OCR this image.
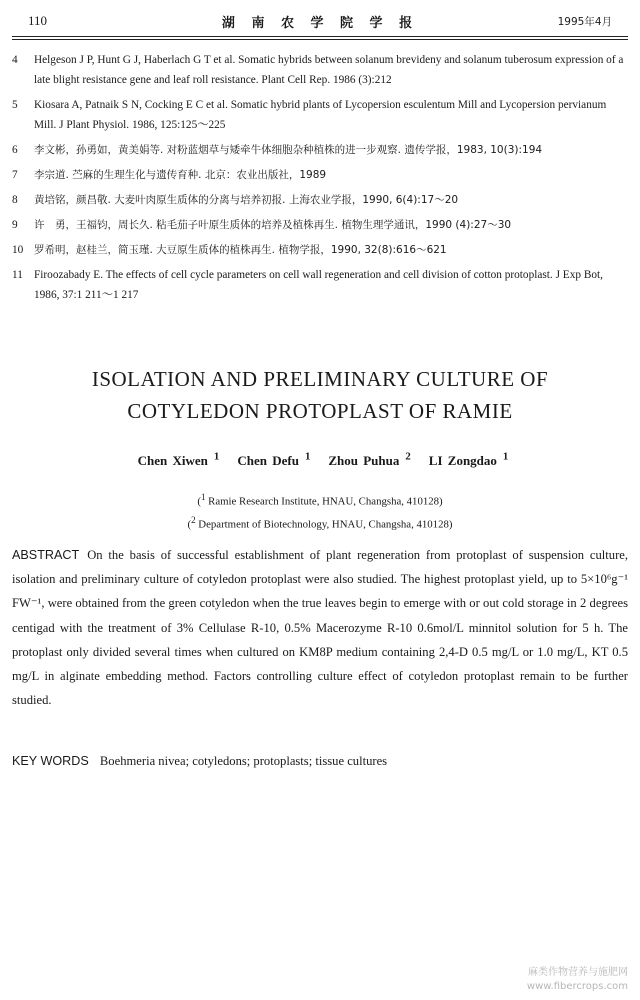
110	湖 南 农 学 院 学 报	1995年4月
4	Helgeson J P, Hunt G J, Haberlach G T et al. Somatic hybrids between solanum brevideny and solanum tuberosum expression of a late blight resistance gene and leaf roll resistance. Plant Cell Rep. 1986 (3):212
5	Kiosara A, Patnaik S N, Cocking E C et al. Somatic hybrid plants of Lycopersion esculentum Mill and Lycopersion pervianum Mill. J Plant Physiol. 1986, 125:125～225
6	李文彬，孙勇如，黄美娟等. 对粉蓝烟草与矮牵牛体细胞杂种植株的进一步观察. 遗传学报，1983, 10(3):194
7	李宗道. 苎麻的生理生化与遗传育种. 北京：农业出版社，1989
8	黄培铭，颜昌敬. 大麦叶肉原生质体的分离与培养初报. 上海农业学报，1990, 6(4):17～20
9	许　勇，王福钧，周长久. 粘毛茄子叶原生质体的培养及植株再生. 植物生理学通讯，1990 (4):27～30
10	罗希明，赵桂兰，简玉瑾. 大豆原生质体的植株再生. 植物学报，1990, 32(8):616～621
11 Firoozabady E. The effects of cell cycle parameters on cell wall regeneration and cell division of cotton protoplast. J Exp Bot, 1986, 37:1 211～1 217
ISOLATION AND PRELIMINARY CULTURE OF
COTYLEDON PROTOPLAST OF RAMIE
Chen Xiwen $^1$ Chen Defu $^1$ Zhou Puhua $^2$ LI Zongdao $^1$
($^1$ Ramie Research Institute, HNAU, Changsha, 410128)
($^2$ Department of Biotechnology, HNAU, Changsha, 410128)
ABSTRACT On the basis of successful establishment of plant regeneration from protoplast of suspension culture, isolation and preliminary culture of cotyledon protoplast were also studied. The highest protoplast yield, up to 5×10⁶g⁻¹ FW⁻¹, were obtained from the green cotyledon when the true leaves begin to emerge with or out cold storage in 2 degrees centigad with the treatment of 3% Cellulase R-10, 0.5% Macerozyme R-10 0.6mol/L minnitol solution for 5 h. The protoplast only divided several times when cultured on KM8P medium containing 2,4-D 0.5 mg/L or 1.0 mg/L, KT 0.5 mg/L in alginate embedding method. Factors controlling culture effect of cotyledon protoplast remain to be further studied.
KEY WORDS Boehmeria nivea; cotyledons; protoplasts; tissue cultures
麻类作物营养与施肥网
www.fibercrops.com
